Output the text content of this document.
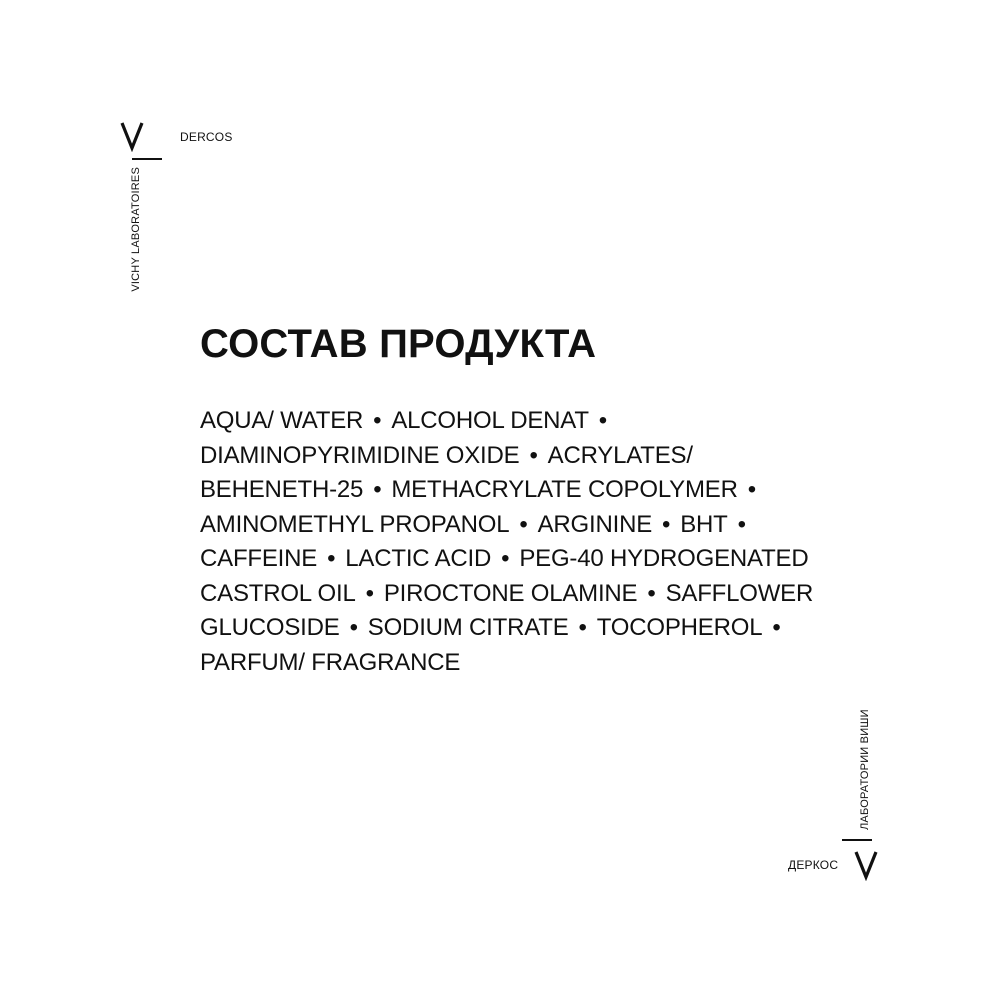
DERCOS
VICHY LABORATOIRES
СОСТАВ ПРОДУКТА
AQUA/ WATER • ALCOHOL DENAT •
DIAMINOPYRIMIDINE OXIDE • ACRYLATES/
BEHENETH-25 • METHACRYLATE COPOLYMER •
AMINOMETHYL PROPANOL • ARGININE • BHT •
CAFFEINE • LACTIC ACID • PEG-40 HYDROGENATED
CASTROL OIL • PIROCTONE OLAMINE • SAFFLOWER
GLUCOSIDE • SODIUM CITRATE • TOCOPHEROL •
PARFUM/ FRAGRANCE
ЛАБОРАТОРИИ ВИШИ
ДЕРКОС
